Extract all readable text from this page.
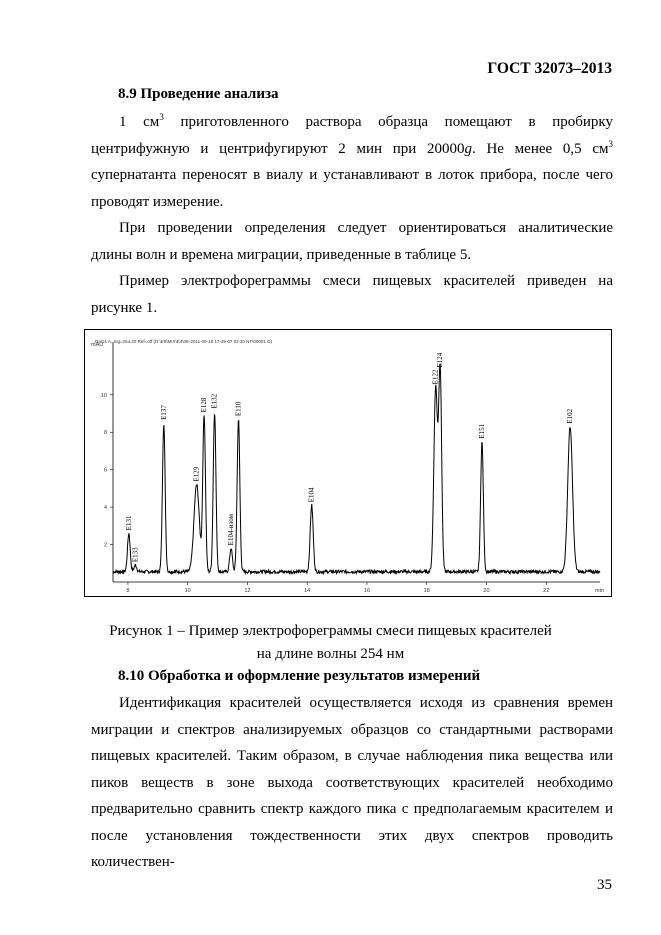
ГОСТ 32073–2013
8.9 Проведение анализа

1 $см^3$ приготовленного раствора образца помещают в пробирку центрифужную и центрифугируют 2 мин при 20000g. Не менее 0,5 $см^3$ супернатанта переносят в виалу и устанавливают в лоток прибора, после чего проводят измерение.

При проведении определения следует ориентироваться аналитические длины волн и времена миграции, приведенные в таблице 5.

Пример электрофореграммы смеси пищевых красителей приведен на рисунке 1.

DAD1 A, Sig=254,20 Ref=off (D:\E5\MIX\E4\0E-2011-09-18 17-49-07 03:30 NT\00001 D)
mAU
min
2
4
6
8
10
8	10	12	14	16	18	20	22
E131
E133
E137
E129
E128 E132
E104-изом
E110
E104
E122
E124
E151
E102
Рисунок 1 – Пример электрофореграммы смеси пищевых красителей
на длине волны 254 нм
8.10 Обработка и оформление результатов измерений

Идентификация красителей осуществляется исходя из сравнения времен миграции и спектров анализируемых образцов со стандартными растворами пищевых красителей. Таким образом, в случае наблюдения пика вещества или пиков веществ в зоне выхода соответствующих красителей необходимо предварительно сравнить спектр каждого пика с предполагаемым красителем и после установления тождественности этих двух спектров проводить количествен-

35
